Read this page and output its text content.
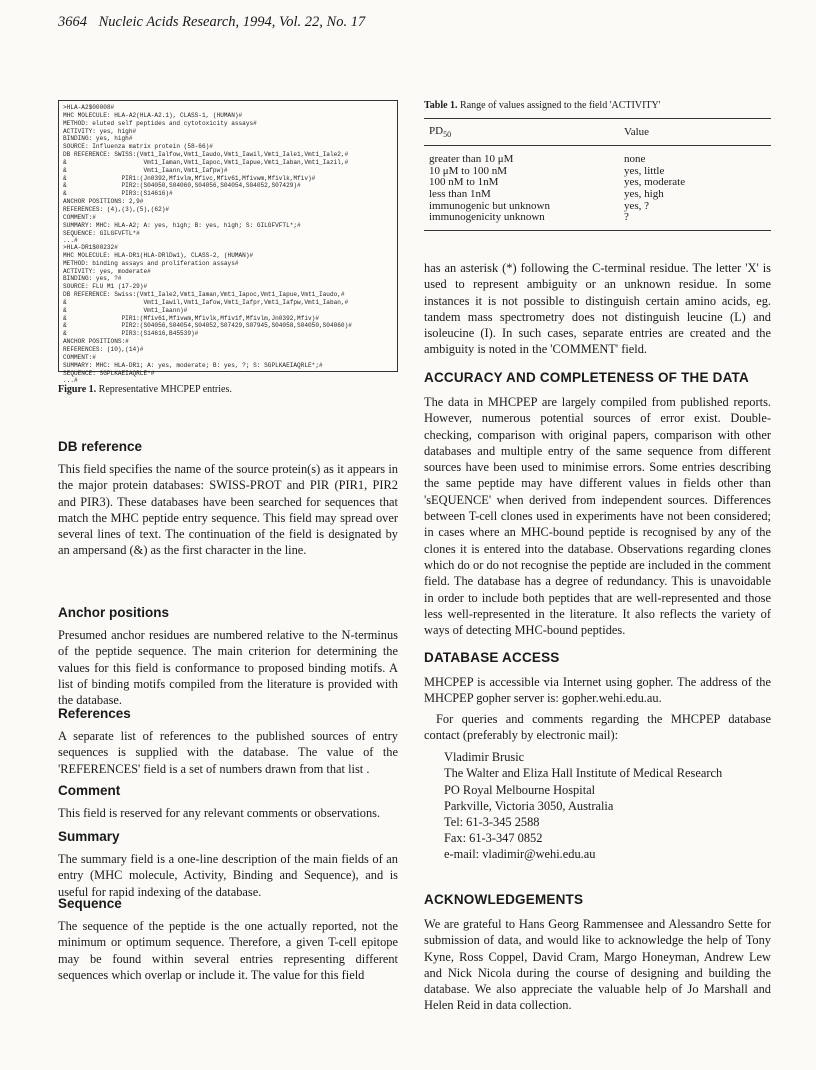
3664 Nucleic Acids Research, 1994, Vol. 22, No. 17
>HLA-A2$00008#
MHC MOLECULE: HLA-A2(HLA-A2.1), CLASS-1, (HUMAN)#
METHOD: eluted self peptides and cytotoxicity assays#
ACTIVITY: yes, high#
BINDING: yes, high#
SOURCE: Influenza matrix protein (58-66)#
DB REFERENCE: SWISS:(Vmt1_Ialfow,Vmt1_Iaudo,Vmt1_Iawil,Vmt1_Iale1,Vmt1_Iale2,#
&                     Vmt1_Iaman,Vmt1_Iapoc,Vmt1_Iapue,Vmt1_Iaban,Vmt1_Iazil,#
&                     Vmt1_Iaann,Vmt1_Iafpw)#
&               PIR1:(Jn0392,Mfivlm,Mfivc,Mfiv61,Mfivwm,Mfivlk,Mfiv)#
&               PIR2:(S04050,S04060,S04056,S04054,S04052,S07429)#
&               PIR3:(S14616)#
ANCHOR POSITIONS: 2,9#
REFERENCES: (4),(3),(5),(62)#
COMMENT:#
SUMMARY: MHC: HLA-A2; A: yes, high; B: yes, high; S: GILGFVFTL*;#
SEQUENCE: GILGFVFTL*#
...#
>HLA-DR1$00232#
MHC MOLECULE: HLA-DR1(HLA-DRlDw1), CLASS-2, (HUMAN)#
METHOD: binding assays and proliferation assays#
ACTIVITY: yes, moderate#
BINDING: yes, ?#
SOURCE: FLU M1 (17-29)#
DB REFERENCE: Swiss:(Vmt1_Iale2,Vmt1_Iaman,Vmt1_Iapoc,Vmt1_Iapue,Vmt1_Iaudo,#
&                     Vmt1_Iawil,Vmt1_Iafow,Vmt1_Iafpr,Vmt1_Iafpw,Vmt1_Iaban,#
&                     Vmt1_Iaann)#
&               PIR1:(Mfiv61,Mfivwm,Mfivlk,Mfiv1f,Mfivlm,Jn0392,Mfiv)#
&               PIR2:(S04056,S04054,S04052,S07429,S07945,S04058,S04050,S04060)#
&               PIR3:(S14616,B45539)#
ANCHOR POSITIONS:#
REFERENCES: (10),(14)#
COMMENT:#
SUMMARY: MHC: HLA-DR1; A: yes, moderate; B: yes, ?; S: SGPLKAEIAQRLE*;#
SEQUENCE: SGPLKAEIAQRLE*#
...#
Figure 1. Representative MHCPEP entries.
DB reference

This field specifies the name of the source protein(s) as it appears in the major protein databases: SWISS-PROT and PIR (PIR1, PIR2 and PIR3). These databases have been searched for sequences that match the MHC peptide entry sequence. This field may spread over several lines of text. The continuation of the field is designated by an ampersand (&) as the first character in the line.

Anchor positions

Presumed anchor residues are numbered relative to the N-terminus of the peptide sequence. The main criterion for determining the values for this field is conformance to proposed binding motifs. A list of binding motifs compiled from the literature is provided with the database.

References

A separate list of references to the published sources of entry sequences is supplied with the database. The value of the 'REFERENCES' field is a set of numbers drawn from that list .

Comment

This field is reserved for any relevant comments or observations.

Summary

The summary field is a one-line description of the main fields of an entry (MHC molecule, Activity, Binding and Sequence), and is useful for rapid indexing of the database.

Sequence

The sequence of the peptide is the one actually reported, not the minimum or optimum sequence. Therefore, a given T-cell epitope may be found within several entries representing different sequences which overlap or include it. The value for this field

Table 1. Range of values assigned to the field 'ACTIVITY'
$PD_{50}$	Value
greater than 10 μM	none
10 μM to 100 nM	yes, little
100 nM to 1nM	yes, moderate
less than 1nM	yes, high
immunogenic but unknown	yes, ?
immunogenicity unknown	?

has an asterisk (*) following the C-terminal residue. The letter 'X' is used to represent ambiguity or an unknown residue. In some instances it is not possible to distinguish certain amino acids, eg. tandem mass spectrometry does not distinguish leucine (L) and isoleucine (I). In such cases, separate entries are created and the ambiguity is noted in the 'COMMENT' field.

ACCURACY AND COMPLETENESS OF THE DATA

The data in MHCPEP are largely compiled from published reports. However, numerous potential sources of error exist. Double-checking, comparison with original papers, comparison with other databases and multiple entry of the same sequence from different sources have been used to minimise errors. Some entries describing the same peptide may have different values in fields other than 'sEQUENCE' when derived from independent sources. Differences between T-cell clones used in experiments have not been considered; in cases where an MHC-bound peptide is recognised by any of the clones it is entered into the database. Observations regarding clones which do or do not recognise the peptide are included in the comment field. The database has a degree of redundancy. This is unavoidable in order to include both peptides that are well-represented and those less well-represented in the literature. It also reflects the variety of ways of detecting MHC-bound peptides.

DATABASE ACCESS

MHCPEP is accessible via Internet using gopher. The address of the MHCPEP gopher server is: gopher.wehi.edu.au.

For queries and comments regarding the MHCPEP database contact (preferably by electronic mail):

Vladimir Brusic

The Walter and Eliza Hall Institute of Medical Research

PO Royal Melbourne Hospital

Parkville, Victoria 3050, Australia

Tel: 61-3-345 2588

Fax: 61-3-347 0852

e-mail: vladimir@wehi.edu.au

ACKNOWLEDGEMENTS

We are grateful to Hans Georg Rammensee and Alessandro Sette for submission of data, and would like to acknowledge the help of Tony Kyne, Ross Coppel, David Cram, Margo Honeyman, Andrew Lew and Nick Nicola during the course of designing and building the database. We also appreciate the valuable help of Jo Marshall and Helen Reid in data collection.
